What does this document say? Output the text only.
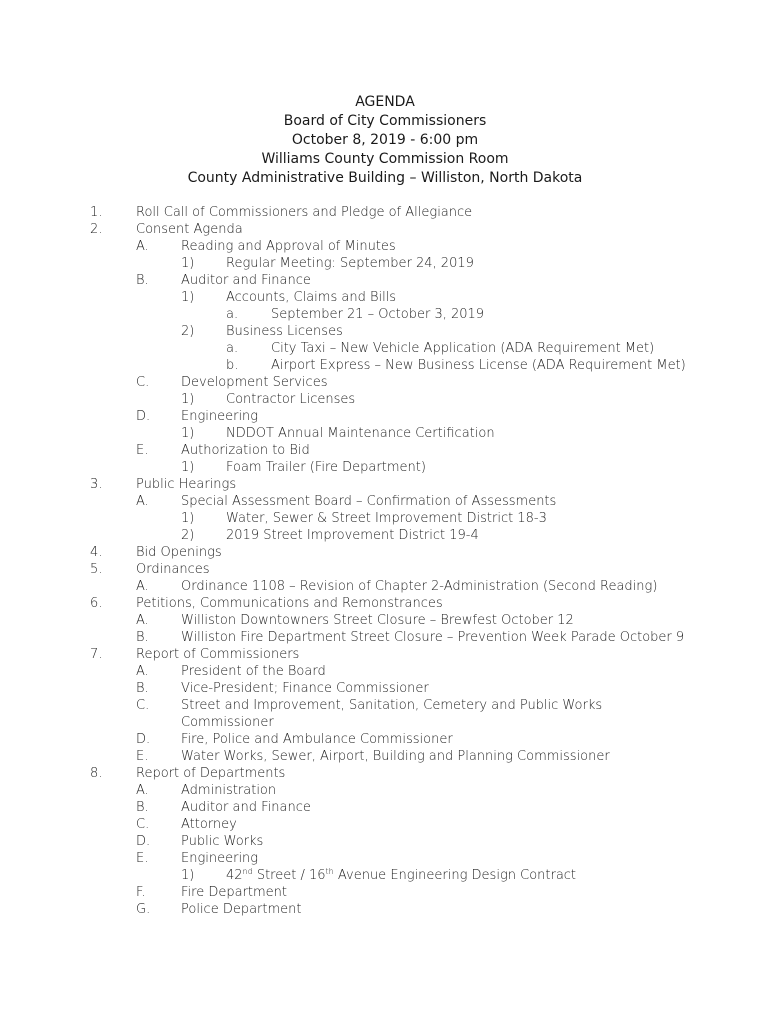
AGENDA
Board of City Commissioners
October 8, 2019 - 6:00 pm
Williams County Commission Room
County Administrative Building – Williston, North Dakota
1.	Roll Call of Commissioners and Pledge of Allegiance
2.	Consent Agenda
A. Reading and Approval of Minutes
1) Regular Meeting: September 24, 2019
B. Auditor and Finance
1) Accounts, Claims and Bills
a.	September 21 – October 3, 2019
2) Business Licenses
a.	City Taxi – New Vehicle Application (ADA Requirement Met)
b.	Airport Express – New Business License (ADA Requirement Met)
C. Development Services
1) Contractor Licenses
D. Engineering
1) NDDOT Annual Maintenance Certification
E.	Authorization to Bid
1) Foam Trailer (Fire Department)
3.	Public Hearings
A. Special Assessment Board – Confirmation of Assessments
1) Water, Sewer & Street Improvement District 18-3
2) 2019 Street Improvement District 19-4
4.	Bid Openings
5.	Ordinances
A. Ordinance 1108 – Revision of Chapter 2-Administration (Second Reading)
6.	Petitions, Communications and Remonstrances
A. Williston Downtowners Street Closure – Brewfest October 12
B. Williston Fire Department Street Closure – Prevention Week Parade October 9
7.	Report of Commissioners
A. President of the Board
B. Vice-President; Finance Commissioner
C. Street and Improvement, Sanitation, Cemetery and Public Works Commissioner
D. Fire, Police and Ambulance Commissioner
E.	Water Works, Sewer, Airport, Building and Planning Commissioner
8.	Report of Departments
A. Administration
B. Auditor and Finance
C. Attorney
D. Public Works
E.	Engineering
1) 42nd Street / 16th Avenue Engineering Design Contract
F.	Fire Department
G. Police Department
